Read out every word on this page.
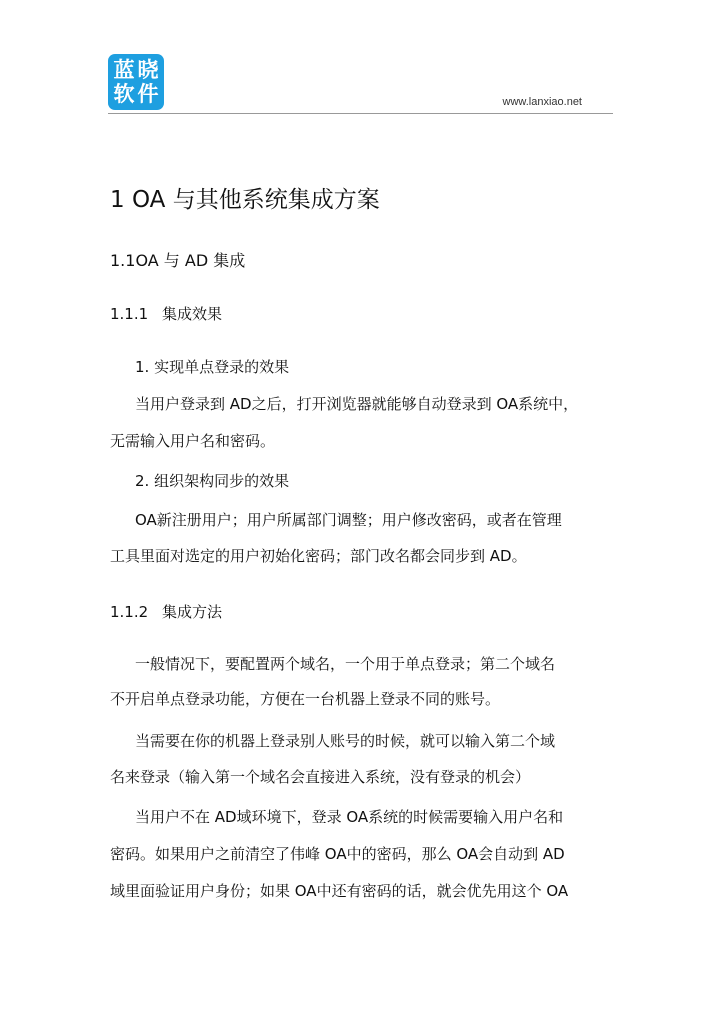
蓝 晓
软 件	www.lanxiao.net
1 OA 与其他系统集成方案
1.1OA 与 AD 集成
1.1.1 集成效果
1. 实现单点登录的效果
当用户登录到 AD之后，打开浏览器就能够自动登录到 OA系统中，
无需输入用户名和密码。
2. 组织架构同步的效果
OA新注册用户；用户所属部门调整；用户修改密码，或者在管理
工具里面对选定的用户初始化密码；部门改名都会同步到 AD。
1.1.2 集成方法
一般情况下，要配置两个域名，一个用于单点登录；第二个域名
不开启单点登录功能，方便在一台机器上登录不同的账号。
当需要在你的机器上登录别人账号的时候，就可以输入第二个域
名来登录（输入第一个域名会直接进入系统，没有登录的机会）
当用户不在 AD域环境下，登录 OA系统的时候需要输入用户名和
密码。如果用户之前清空了伟峰 OA中的密码，那么 OA会自动到 AD
域里面验证用户身份；如果 OA中还有密码的话，就会优先用这个 OA
